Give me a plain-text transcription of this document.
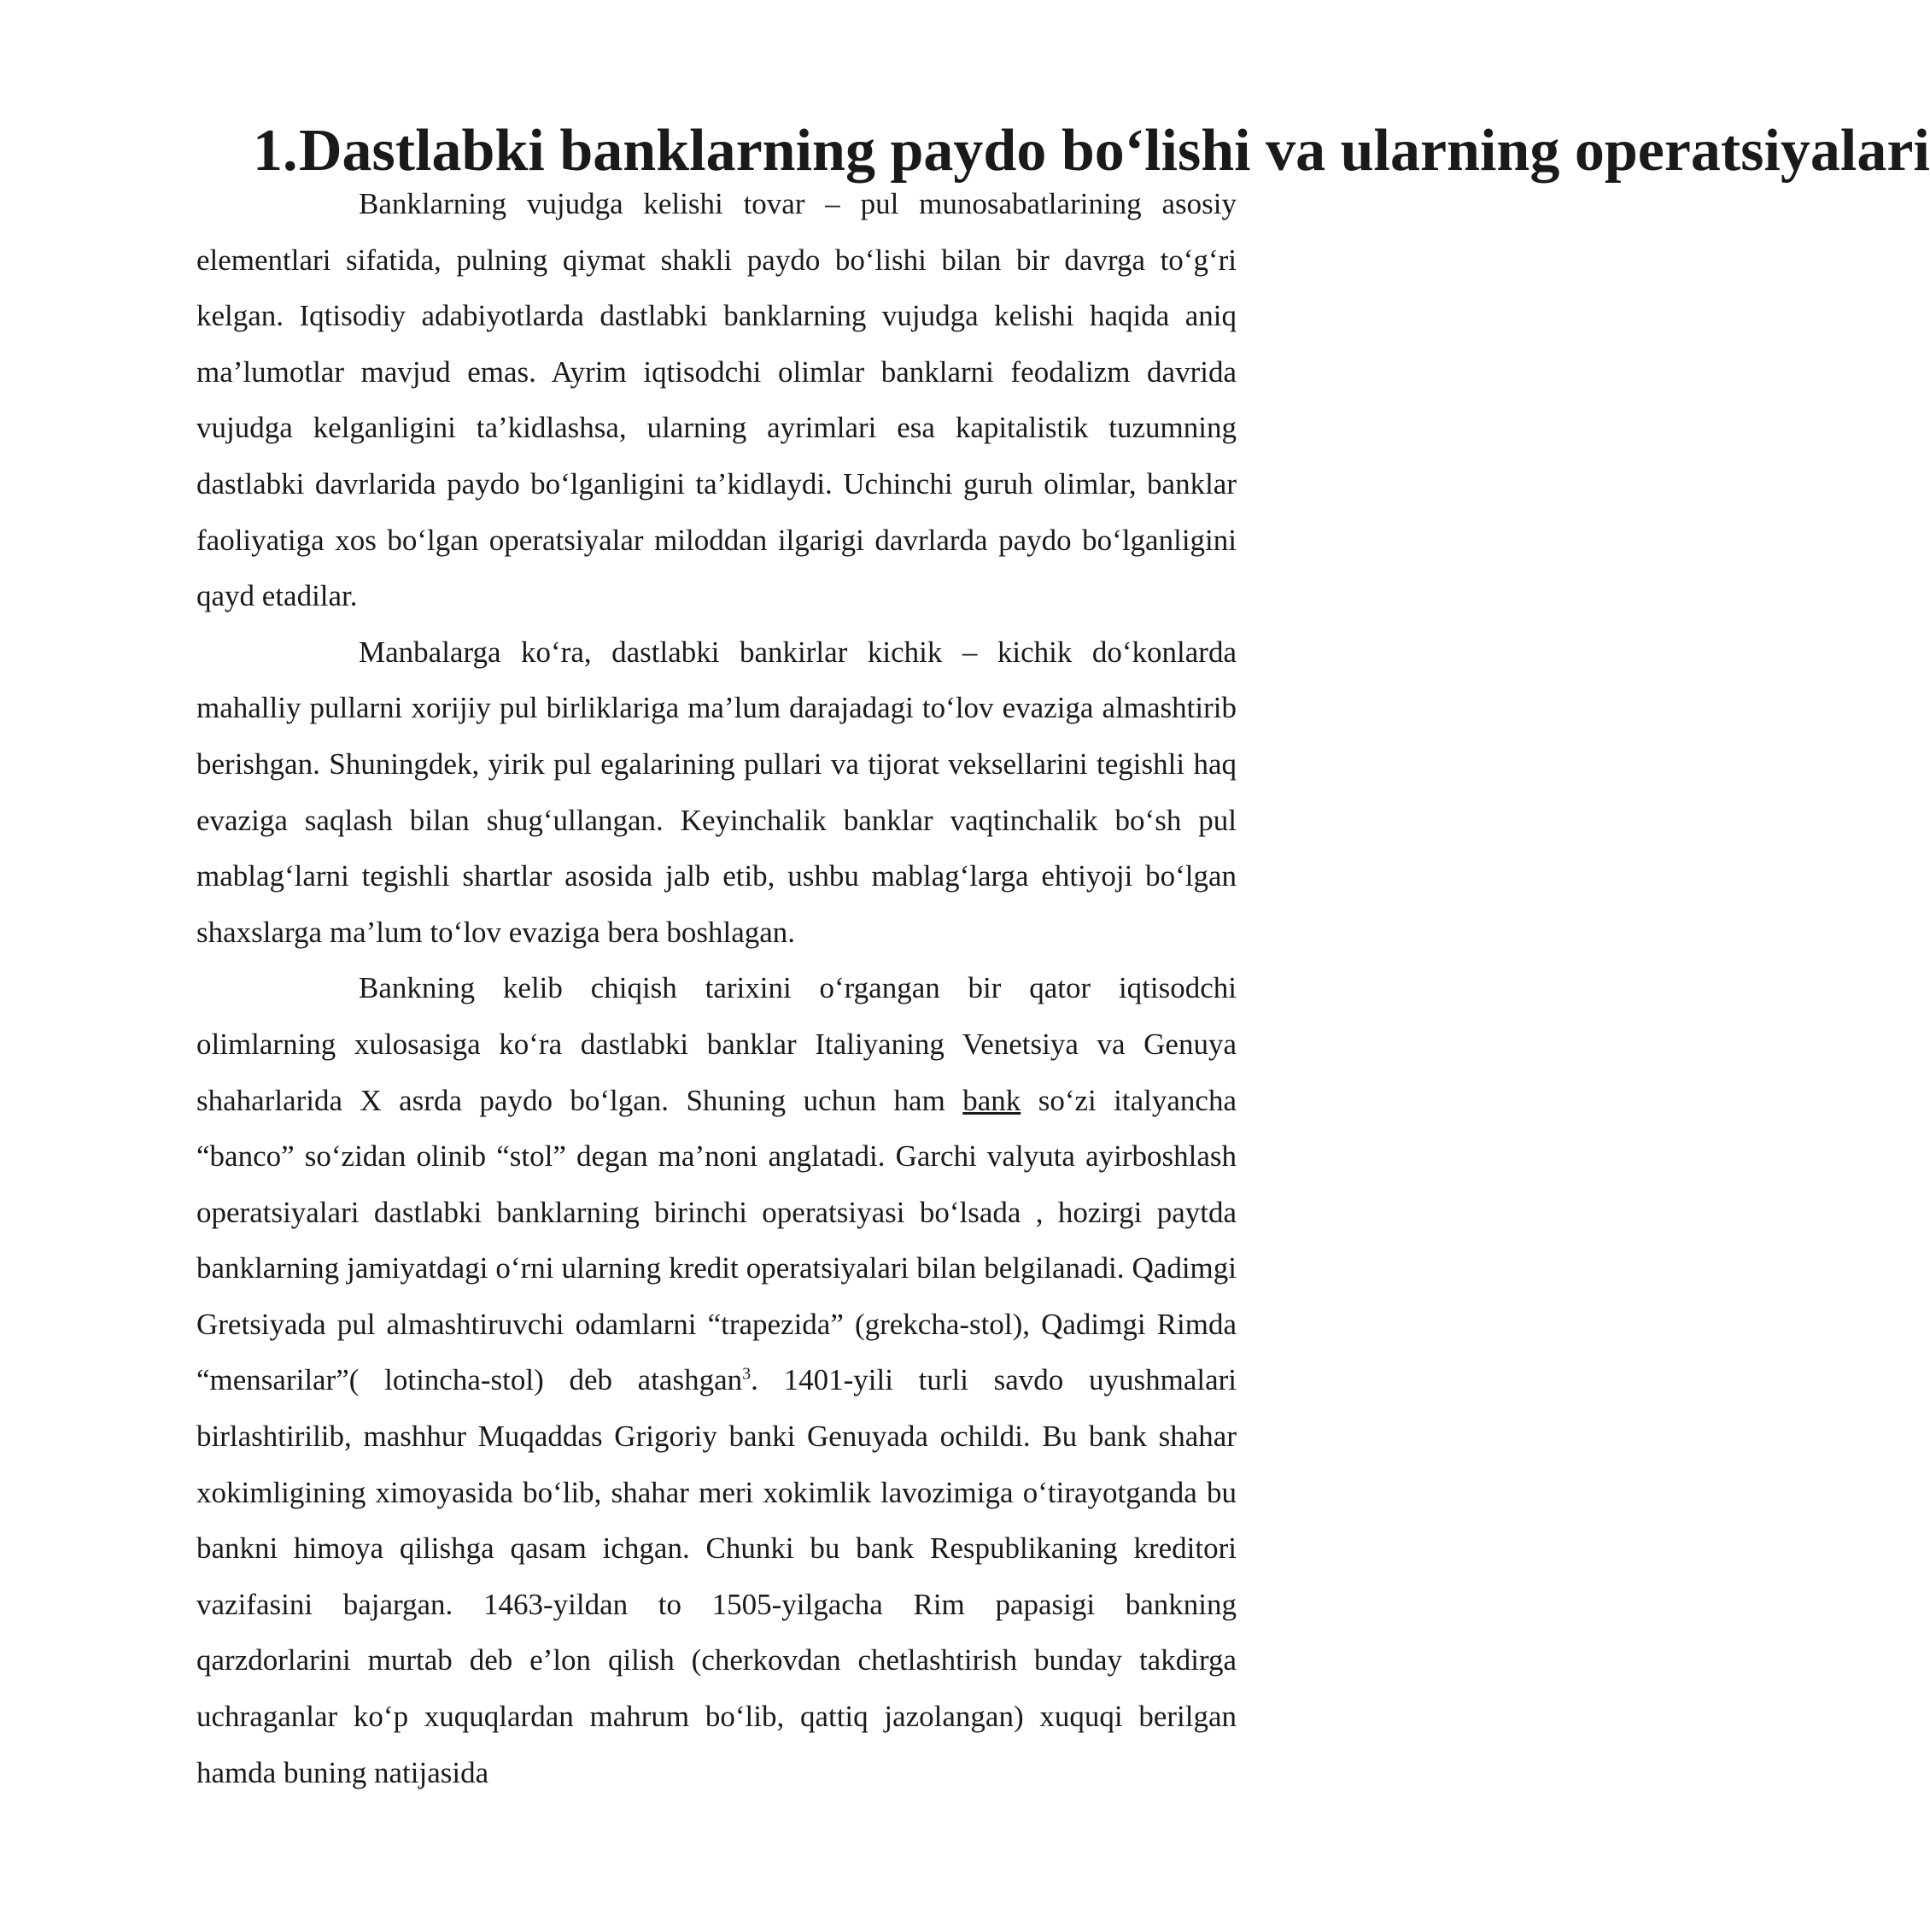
1.Dastlabki banklarning paydo bo‘lishi va ularning operatsiyalari

Banklarning vujudga kelishi tovar – pul munosabatlarining asosiy elementlari sifatida, pulning qiymat shakli paydo bo‘lishi bilan bir davrga to‘g‘ri kelgan. Iqtisodiy adabiyotlarda dastlabki banklarning vujudga kelishi haqida aniq ma’lumotlar mavjud emas. Ayrim iqtisodchi olimlar banklarni feodalizm davrida vujudga kelganligini ta’kidlashsa, ularning ayrimlari esa kapitalistik tuzumning dastlabki davrlarida paydo bo‘lganligini ta’kidlaydi. Uchinchi guruh olimlar, banklar faoliyatiga xos bo‘lgan operatsiyalar miloddan ilgarigi davrlarda paydo bo‘lganligini qayd etadilar.

Manbalarga ko‘ra, dastlabki bankirlar kichik – kichik do‘konlarda mahalliy pullarni xorijiy pul birliklariga ma’lum darajadagi to‘lov evaziga almashtirib berishgan. Shuningdek, yirik pul egalarining pullari va tijorat veksellarini tegishli haq evaziga saqlash bilan shug‘ullangan. Keyinchalik banklar vaqtinchalik bo‘sh pul mablag‘larni tegishli shartlar asosida jalb etib, ushbu mablag‘larga ehtiyoji bo‘lgan shaxslarga ma’lum to‘lov evaziga bera boshlagan.

Bankning kelib chiqish tarixini o‘rgangan bir qator iqtisodchi olimlarning xulosasiga ko‘ra dastlabki banklar Italiyaning Venetsiya va Genuya shaharlarida X asrda paydo bo‘lgan. Shuning uchun ham bank so‘zi italyancha “banco” so‘zidan olinib “stol” degan ma’noni anglatadi. Garchi valyuta ayirboshlash operatsiyalari dastlabki banklarning birinchi operatsiyasi bo‘lsada , hozirgi paytda banklarning jamiyatdagi o‘rni ularning kredit operatsiyalari bilan belgilanadi. Qadimgi Gretsiyada pul almashtiruvchi odamlarni “trapezida” (grekcha-stol), Qadimgi Rimda “mensarilar”( lotincha-stol) deb atashgan$^3$. 1401-yili turli savdo uyushmalari birlashtirilib, mashhur Muqaddas Grigoriy banki Genuyada ochildi. Bu bank shahar xokimligining ximoyasida bo‘lib, shahar meri xokimlik lavozimiga o‘tirayotganda bu bankni himoya qilishga qasam ichgan. Chunki bu bank Respublikaning kreditori vazifasini bajargan. 1463-yildan to 1505-yilgacha Rim papasigi bankning qarzdorlarini murtab deb e’lon qilish (cherkovdan chetlashtirish bunday takdirga uchraganlar ko‘p xuquqlardan mahrum bo‘lib, qattiq jazolangan) xuquqi berilgan hamda buning natijasida
